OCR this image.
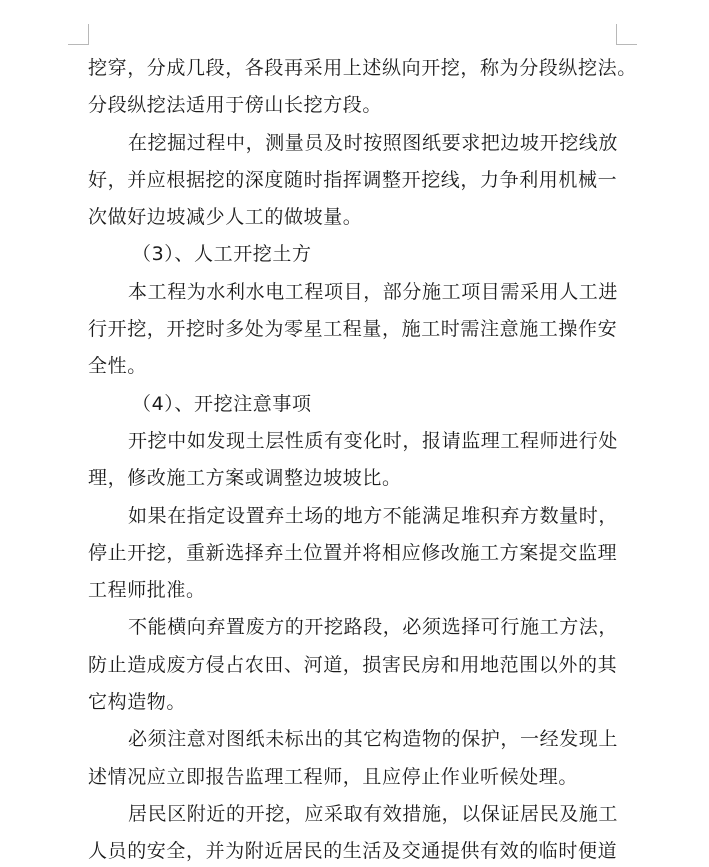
挖穿，分成几段，各段再采用上述纵向开挖，称为分段纵挖法。
分段纵挖法适用于傍山长挖方段。
在挖掘过程中，测量员及时按照图纸要求把边坡开挖线放
好，并应根据挖的深度随时指挥调整开挖线，力争利用机械一
次做好边坡减少人工的做坡量。
（3）、人工开挖土方
本工程为水利水电工程项目，部分施工项目需采用人工进
行开挖，开挖时多处为零星工程量，施工时需注意施工操作安
全性。
（4）、开挖注意事项
开挖中如发现土层性质有变化时，报请监理工程师进行处
理，修改施工方案或调整边坡坡比。
如果在指定设置弃土场的地方不能满足堆积弃方数量时，
停止开挖，重新选择弃土位置并将相应修改施工方案提交监理
工程师批准。
不能横向弃置废方的开挖路段，必须选择可行施工方法，
防止造成废方侵占农田、河道，损害民房和用地范围以外的其
它构造物。
必须注意对图纸未标出的其它构造物的保护，一经发现上
述情况应立即报告监理工程师，且应停止作业听候处理。
居民区附近的开挖，应采取有效措施，以保证居民及施工
人员的安全，并为附近居民的生活及交通提供有效的临时便道
